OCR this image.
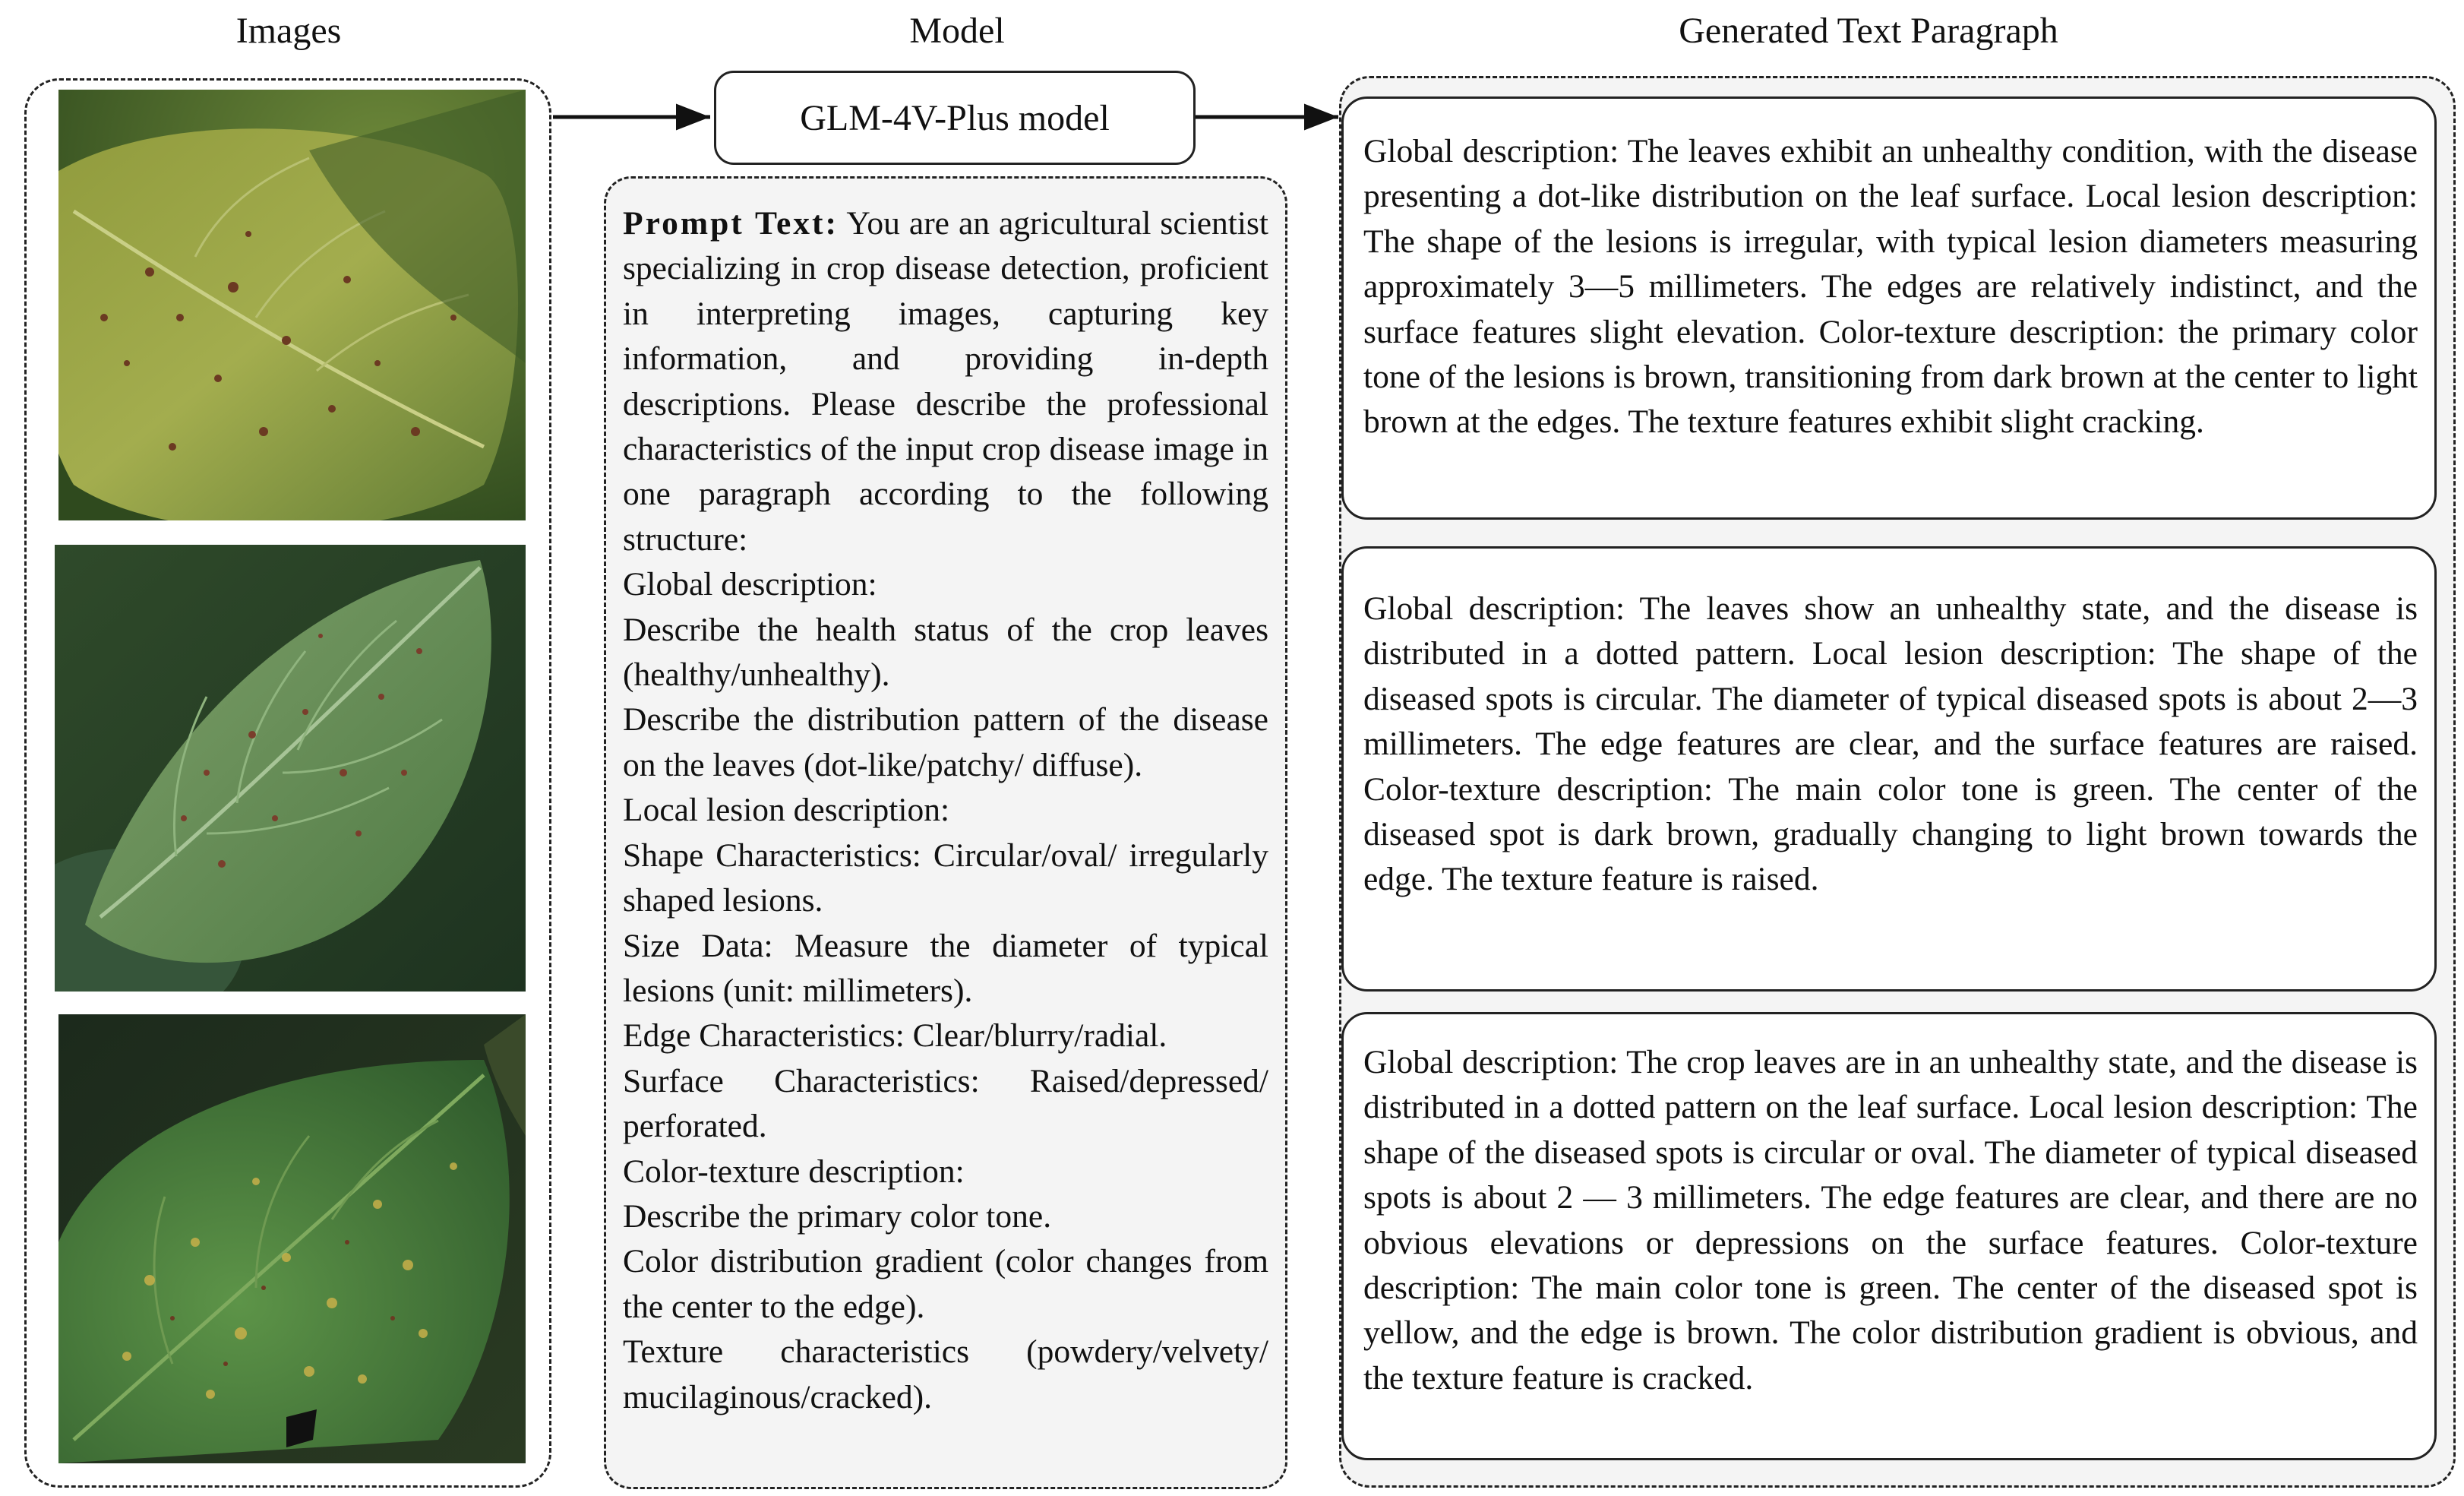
Images	Model	Generated Text Paragraph
GLM-4V-Plus model
Prompt Text: You are an agricultural scientist specializing in crop disease detection, proficient in interpreting images, capturing key information, and providing in-depth descriptions. Please describe the professional characteristics of the input crop disease image in one paragraph according to the following structure:
Global description:
Describe the health status of the crop leaves (healthy/unhealthy).
Describe the distribution pattern of the disease on the leaves (dot-like/patchy/ diffuse).
Local lesion description:
Shape Characteristics: Circular/oval/ irregularly shaped lesions.
Size Data: Measure the diameter of typical lesions (unit: millimeters).
Edge Characteristics: Clear/blurry/radial.
Surface Characteristics: Raised/depressed/ perforated.
Color-texture description:
Describe the primary color tone.
Color distribution gradient (color changes from the center to the edge).
Texture characteristics (powdery/velvety/ mucilaginous/cracked).
Global description: The leaves exhibit an unhealthy condition, with the disease presenting a dot-like distribution on the leaf surface. Local lesion description: The shape of the lesions is irregular, with typical lesion diameters measuring approximately 3—5 millimeters. The edges are relatively indistinct, and the surface features slight elevation. Color-texture description: the primary color tone of the lesions is brown, transitioning from dark brown at the center to light brown at the edges. The texture features exhibit slight cracking.
Global description: The leaves show an unhealthy state, and the disease is distributed in a dotted pattern. Local lesion description: The shape of the diseased spots is circular. The diameter of typical diseased spots is about 2—3 millimeters. The edge features are clear, and the surface features are raised. Color-texture description: The main color tone is green. The center of the diseased spot is dark brown, gradually changing to light brown towards the edge. The texture feature is raised.
Global description: The crop leaves are in an unhealthy state, and the disease is distributed in a dotted pattern on the leaf surface. Local lesion description: The shape of the diseased spots is circular or oval. The diameter of typical diseased spots is about 2 — 3 millimeters. The edge features are clear, and there are no obvious elevations or depressions on the surface features. Color-texture description: The main color tone is green. The center of the diseased spot is yellow, and the edge is brown. The color distribution gradient is obvious, and the texture feature is cracked.
